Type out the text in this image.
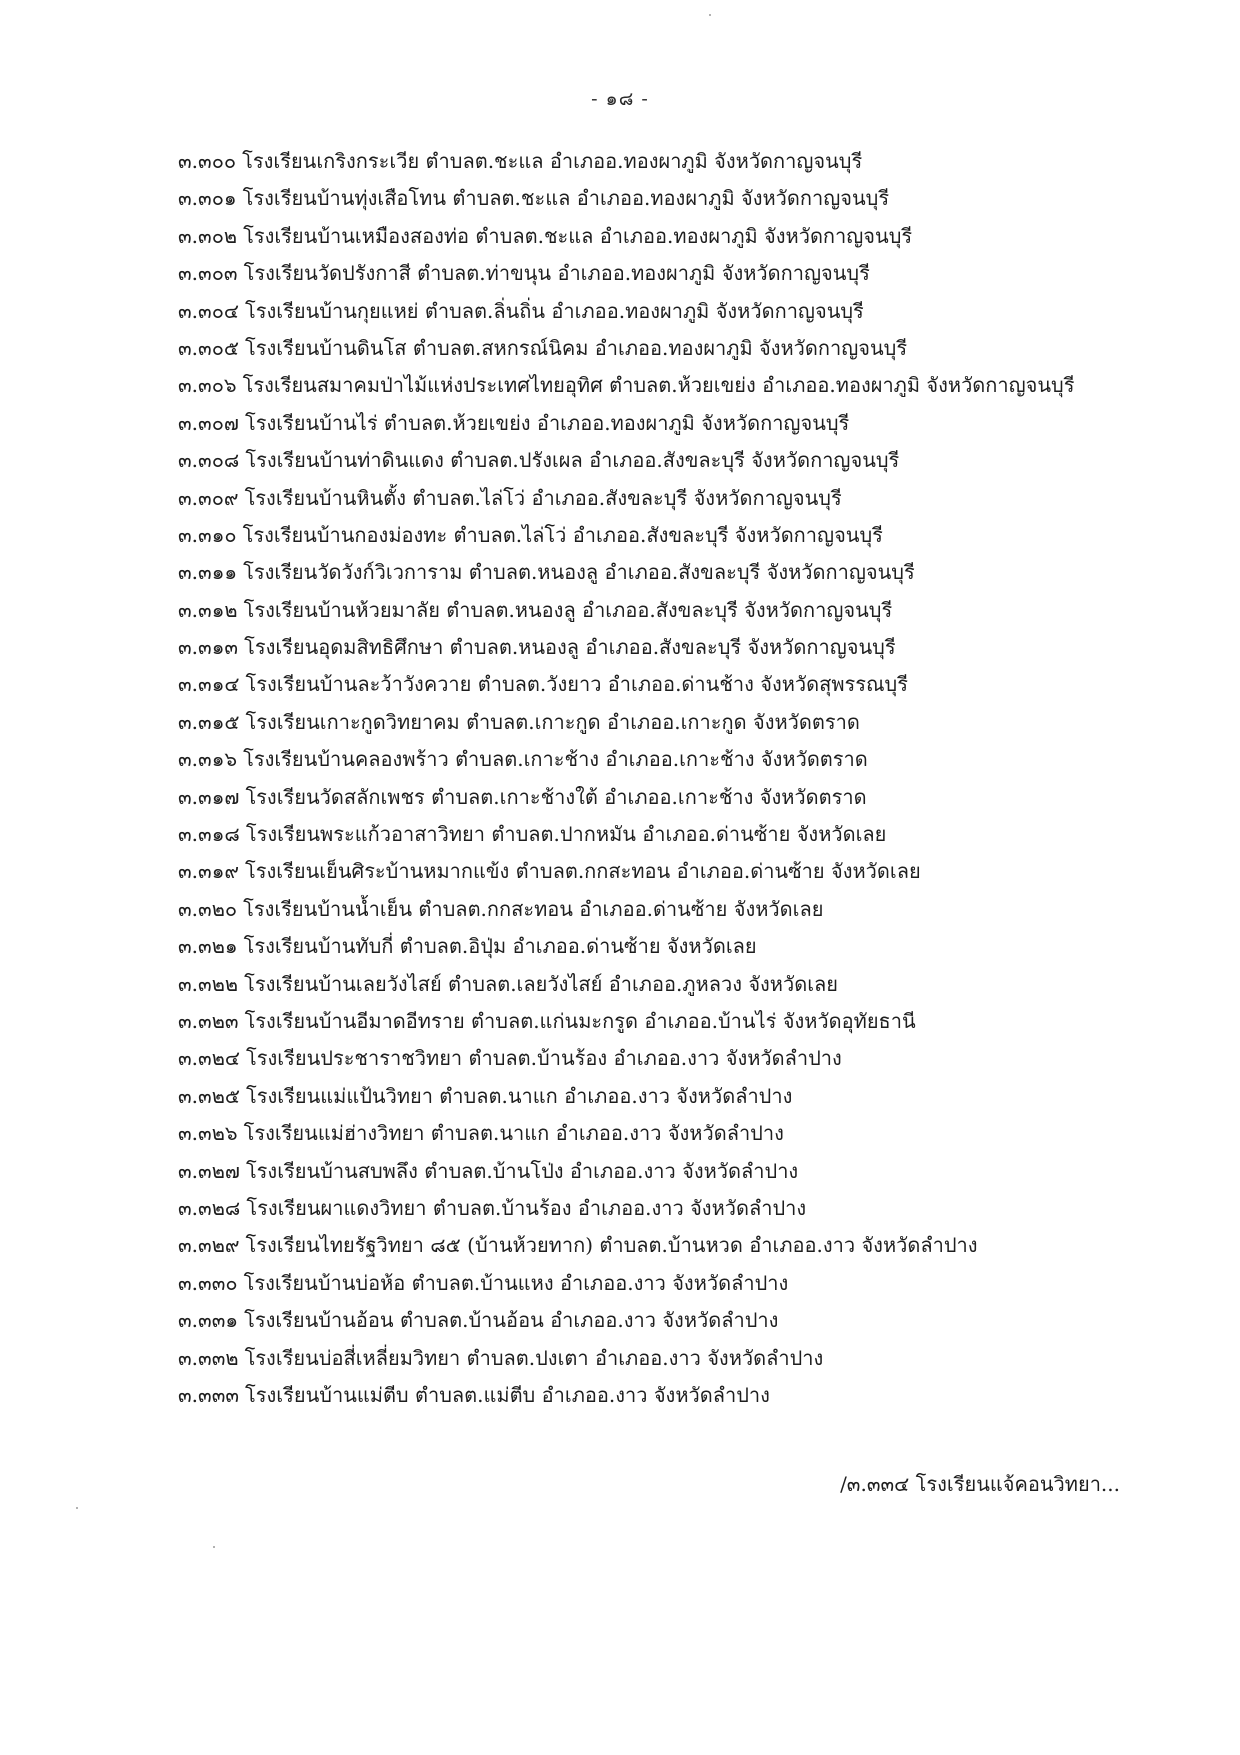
- ๑๘ -
๓.๓๐๐ โรงเรียนเกริงกระเวีย ตำบลต.ชะแล อำเภออ.ทองผาภูมิ จังหวัดกาญจนบุรี
๓.๓๐๑ โรงเรียนบ้านทุ่งเสือโทน ตำบลต.ชะแล อำเภออ.ทองผาภูมิ จังหวัดกาญจนบุรี
๓.๓๐๒ โรงเรียนบ้านเหมืองสองท่อ ตำบลต.ชะแล อำเภออ.ทองผาภูมิ จังหวัดกาญจนบุรี
๓.๓๐๓ โรงเรียนวัดปรังกาสี ตำบลต.ท่าขนุน อำเภออ.ทองผาภูมิ จังหวัดกาญจนบุรี
๓.๓๐๔ โรงเรียนบ้านกุยแหย่ ตำบลต.ลิ่นถิ่น อำเภออ.ทองผาภูมิ จังหวัดกาญจนบุรี
๓.๓๐๕ โรงเรียนบ้านดินโส ตำบลต.สหกรณ์นิคม อำเภออ.ทองผาภูมิ จังหวัดกาญจนบุรี
๓.๓๐๖ โรงเรียนสมาคมป่าไม้แห่งประเทศไทยอุทิศ ตำบลต.ห้วยเขย่ง อำเภออ.ทองผาภูมิ จังหวัดกาญจนบุรี
๓.๓๐๗ โรงเรียนบ้านไร่ ตำบลต.ห้วยเขย่ง อำเภออ.ทองผาภูมิ จังหวัดกาญจนบุรี
๓.๓๐๘ โรงเรียนบ้านท่าดินแดง ตำบลต.ปรังเผล อำเภออ.สังขละบุรี จังหวัดกาญจนบุรี
๓.๓๐๙ โรงเรียนบ้านหินตั้ง ตำบลต.ไล่โว่ อำเภออ.สังขละบุรี จังหวัดกาญจนบุรี
๓.๓๑๐ โรงเรียนบ้านกองม่องทะ ตำบลต.ไล่โว่ อำเภออ.สังขละบุรี จังหวัดกาญจนบุรี
๓.๓๑๑ โรงเรียนวัดวังก์วิเวการาม ตำบลต.หนองลู อำเภออ.สังขละบุรี จังหวัดกาญจนบุรี
๓.๓๑๒ โรงเรียนบ้านห้วยมาลัย ตำบลต.หนองลู อำเภออ.สังขละบุรี จังหวัดกาญจนบุรี
๓.๓๑๓ โรงเรียนอุดมสิทธิศึกษา ตำบลต.หนองลู อำเภออ.สังขละบุรี จังหวัดกาญจนบุรี
๓.๓๑๔ โรงเรียนบ้านละว้าวังควาย ตำบลต.วังยาว อำเภออ.ด่านช้าง จังหวัดสุพรรณบุรี
๓.๓๑๕ โรงเรียนเกาะกูดวิทยาคม ตำบลต.เกาะกูด อำเภออ.เกาะกูด จังหวัดตราด
๓.๓๑๖ โรงเรียนบ้านคลองพร้าว ตำบลต.เกาะช้าง อำเภออ.เกาะช้าง จังหวัดตราด
๓.๓๑๗ โรงเรียนวัดสลักเพชร ตำบลต.เกาะช้างใต้ อำเภออ.เกาะช้าง จังหวัดตราด
๓.๓๑๘ โรงเรียนพระแก้วอาสาวิทยา ตำบลต.ปากหมัน อำเภออ.ด่านซ้าย จังหวัดเลย
๓.๓๑๙ โรงเรียนเย็นศิระบ้านหมากแข้ง ตำบลต.กกสะทอน อำเภออ.ด่านซ้าย จังหวัดเลย
๓.๓๒๐ โรงเรียนบ้านน้ำเย็น ตำบลต.กกสะทอน อำเภออ.ด่านซ้าย จังหวัดเลย
๓.๓๒๑ โรงเรียนบ้านทับกี่ ตำบลต.อิปุ่ม อำเภออ.ด่านซ้าย จังหวัดเลย
๓.๓๒๒ โรงเรียนบ้านเลยวังไสย์ ตำบลต.เลยวังไสย์ อำเภออ.ภูหลวง จังหวัดเลย
๓.๓๒๓ โรงเรียนบ้านอีมาดอีทราย ตำบลต.แก่นมะกรูด อำเภออ.บ้านไร่ จังหวัดอุทัยธานี
๓.๓๒๔ โรงเรียนประชาราชวิทยา ตำบลต.บ้านร้อง อำเภออ.งาว จังหวัดลำปาง
๓.๓๒๕ โรงเรียนแม่แป้นวิทยา ตำบลต.นาแก อำเภออ.งาว จังหวัดลำปาง
๓.๓๒๖ โรงเรียนแม่ฮ่างวิทยา ตำบลต.นาแก อำเภออ.งาว จังหวัดลำปาง
๓.๓๒๗ โรงเรียนบ้านสบพลึง ตำบลต.บ้านโป่ง อำเภออ.งาว จังหวัดลำปาง
๓.๓๒๘ โรงเรียนผาแดงวิทยา ตำบลต.บ้านร้อง อำเภออ.งาว จังหวัดลำปาง
๓.๓๒๙ โรงเรียนไทยรัฐวิทยา ๘๕ (บ้านห้วยทาก) ตำบลต.บ้านหวด อำเภออ.งาว จังหวัดลำปาง
๓.๓๓๐ โรงเรียนบ้านบ่อห้อ ตำบลต.บ้านแหง อำเภออ.งาว จังหวัดลำปาง
๓.๓๓๑ โรงเรียนบ้านอ้อน ตำบลต.บ้านอ้อน อำเภออ.งาว จังหวัดลำปาง
๓.๓๓๒ โรงเรียนบ่อสี่เหลี่ยมวิทยา ตำบลต.ปงเตา อำเภออ.งาว จังหวัดลำปาง
๓.๓๓๓ โรงเรียนบ้านแม่ตีบ ตำบลต.แม่ตีบ อำเภออ.งาว จังหวัดลำปาง
/๓.๓๓๔ โรงเรียนแจ้คอนวิทยา...
